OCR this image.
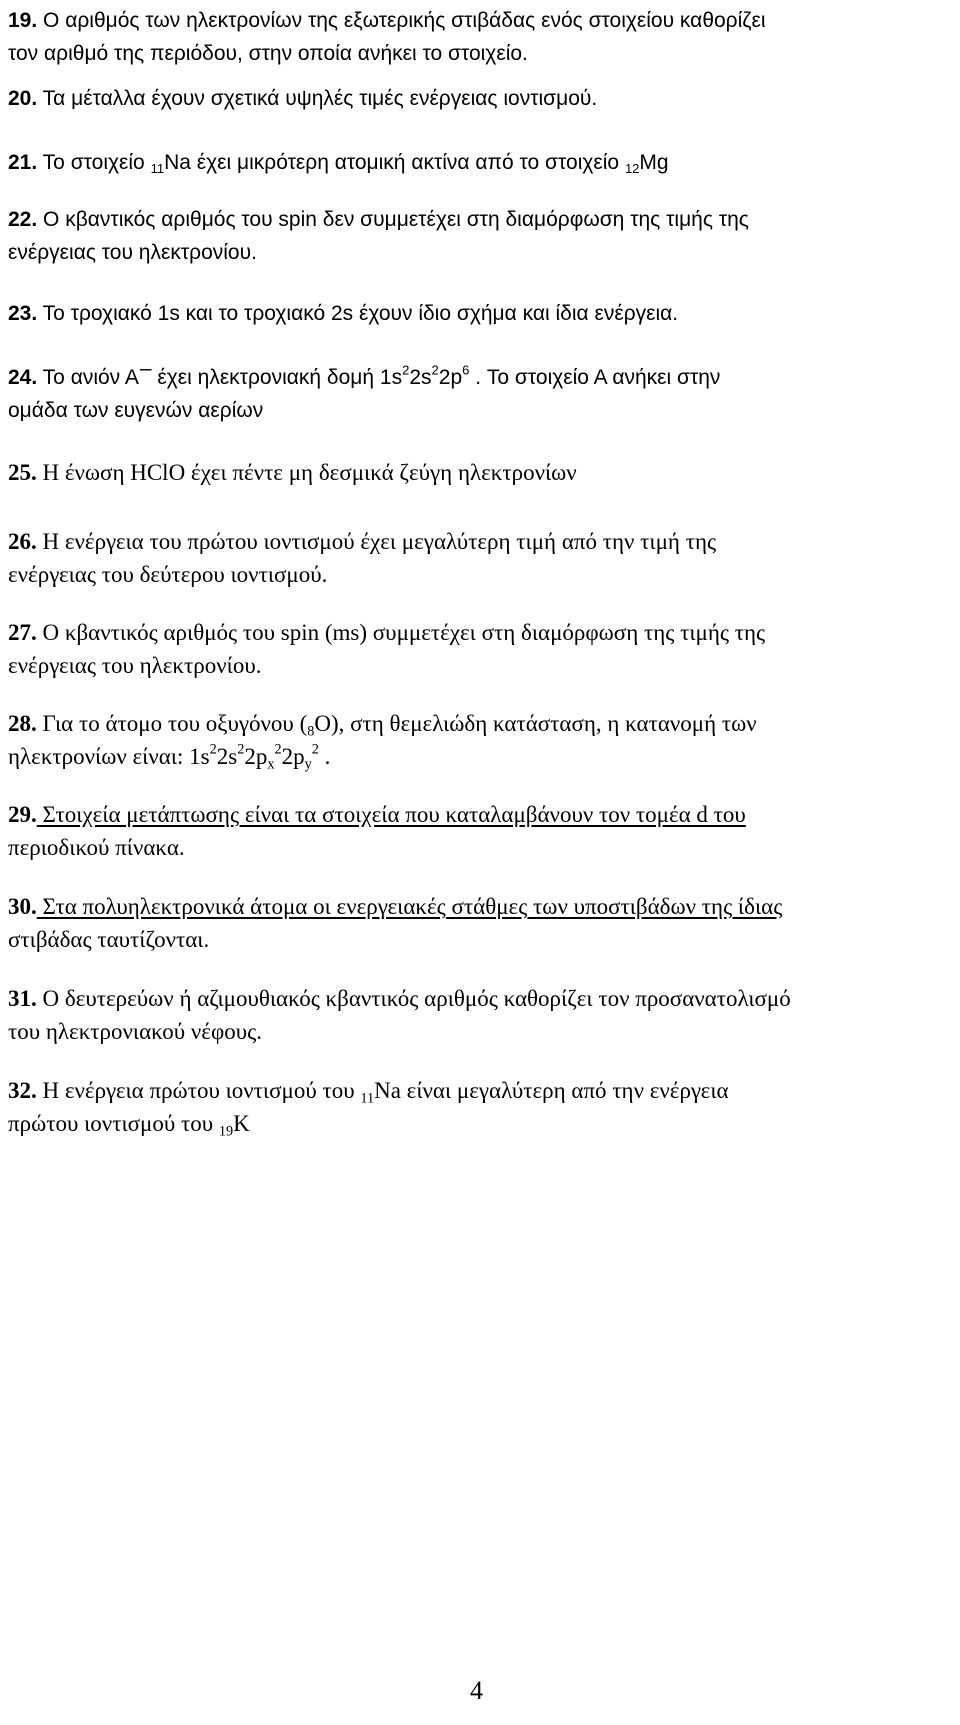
19. Ο αριθμός των ηλεκτρονίων της εξωτερικής στιβάδας ενός στοιχείου καθορίζει
τον αριθμό της περιόδου, στην οποία ανήκει το στοιχείο.
20. Τα μέταλλα έχουν σχετικά υψηλές τιμές ενέργειας ιοντισμού.
21. Το στοιχείο $_{11}$Na έχει μικρότερη ατομική ακτίνα από το στοιχείο $_{12}$Mg
22. Ο κβαντικός αριθμός του spin δεν συμμετέχει στη διαμόρφωση της τιμής της
ενέργειας του ηλεκτρονίου.
23. Το τροχιακό 1s και το τροχιακό 2s έχουν ίδιο σχήμα και ίδια ενέργεια.
24. Το ανιόν Α– έχει ηλεκτρονιακή δομή $1s^22s^22p^6$ . Το στοιχείο Α ανήκει στην
ομάδα των ευγενών αερίων
25. Η ένωση HClO έχει πέντε μη δεσμικά ζεύγη ηλεκτρονίων
26. Η ενέργεια του πρώτου ιοντισμού έχει μεγαλύτερη τιμή από την τιμή της
ενέργειας του δεύτερου ιοντισμού.
27. Ο κβαντικός αριθμός του spin (ms) συμμετέχει στη διαμόρφωση της τιμής της
ενέργειας του ηλεκτρονίου.
28. Για το άτομο του οξυγόνου $(_8O)$, στη θεμελιώδη κατάσταση, η κατανομή των
ηλεκτρονίων είναι: $1s^22s^22p_x^22p_y^2$ .
29. Στοιχεία μετάπτωσης είναι τα στοιχεία που καταλαμβάνουν τον τομέα d του
περιοδικού πίνακα.
30. Στα πολυηλεκτρονικά άτομα οι ενεργειακές στάθμες των υποστιβάδων της ίδιας
στιβάδας ταυτίζονται.
31. Ο δευτερεύων ή αζιμουθιακός κβαντικός αριθμός καθορίζει τον προσανατολισμό
του ηλεκτρονιακού νέφους.
32. Η ενέργεια πρώτου ιοντισμού του $_{11}$Na είναι μεγαλύτερη από την ενέργεια
πρώτου ιοντισμού του $_{19}$K
4
